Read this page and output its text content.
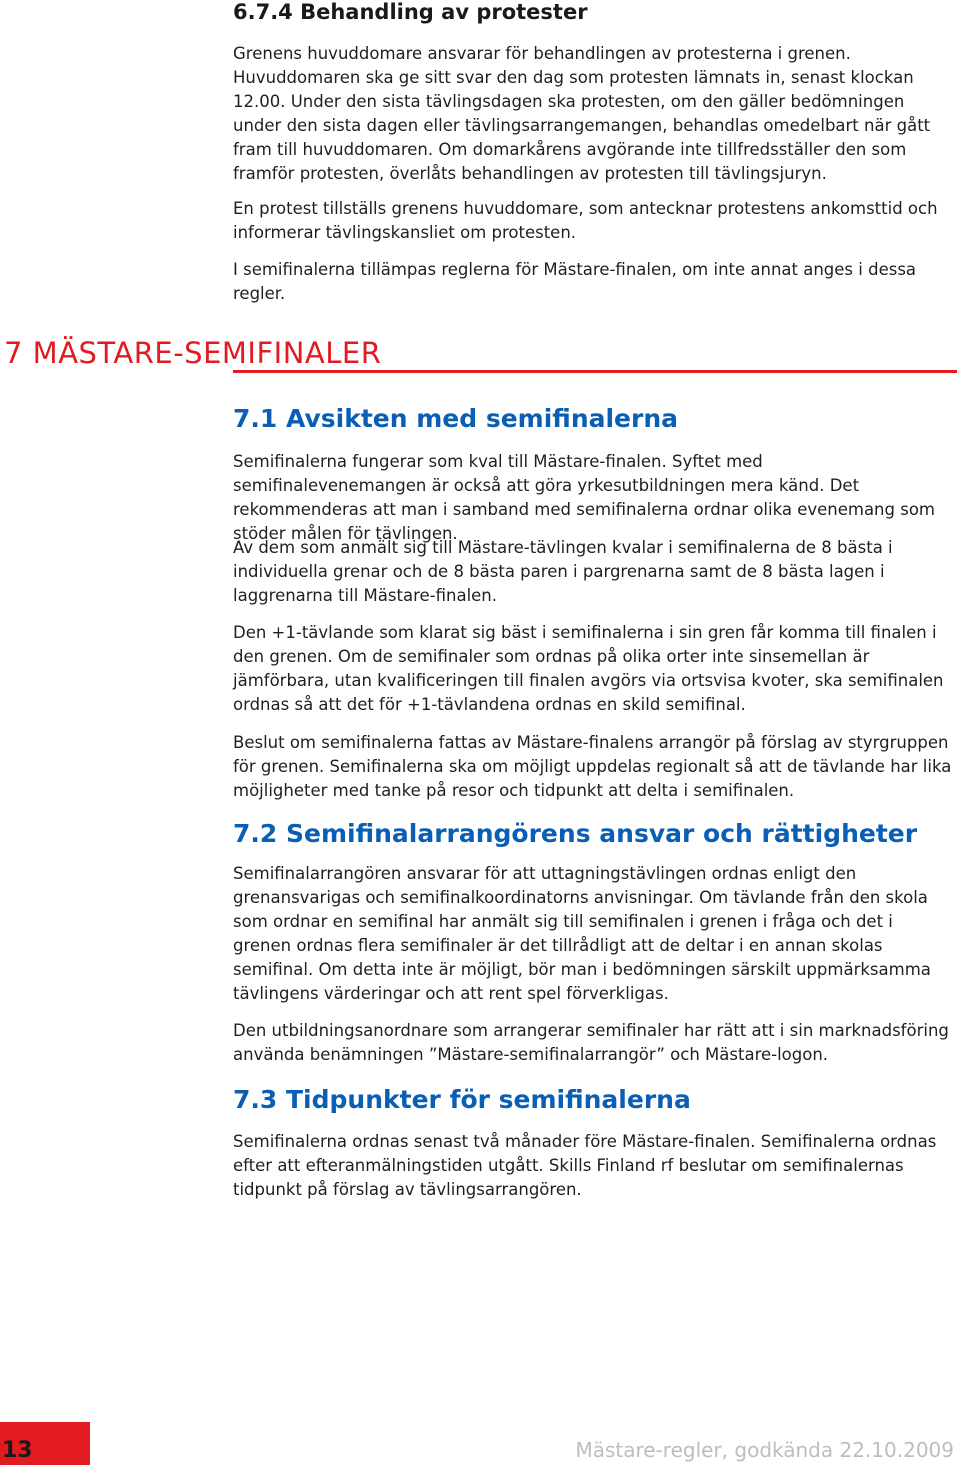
6.7.4 Behandling av protester

Grenens huvuddomare ansvarar för behandlingen av protesterna i grenen. Huvuddomaren ska ge sitt svar den dag som protesten lämnats in, senast klockan 12.00. Under den sista tävlingsdagen ska protesten, om den gäller bedömningen under den sista dagen eller tävlingsarrangemangen, behandlas omedelbart när gått fram till huvuddomaren. Om domarkårens avgörande inte tillfredsställer den som framför protesten, överlåts behandlingen av protesten till tävlingsjuryn.

En protest tillställs grenens huvuddomare, som antecknar protestens ankomsttid och informerar tävlingskansliet om protesten.

I semifinalerna tillämpas reglerna för Mästare-finalen, om inte annat anges i dessa regler.

7 MÄSTARE-SEMIFINALER
7.1 Avsikten med semifinalerna

Semifinalerna fungerar som kval till Mästare-finalen. Syftet med semifinalevenemangen är också att göra yrkesutbildningen mera känd. Det rekommenderas att man i samband med semifinalerna ordnar olika evenemang som stöder målen för tävlingen.

Av dem som anmält sig till Mästare-tävlingen kvalar i semifinalerna de 8 bästa i individuella grenar och de 8 bästa paren i pargrenarna samt de 8 bästa lagen i laggrenarna till Mästare-finalen.

Den +1-tävlande som klarat sig bäst i semifinalerna i sin gren får komma till finalen i den grenen. Om de semifinaler som ordnas på olika orter inte sinsemellan är jämförbara, utan kvalificeringen till finalen avgörs via ortsvisa kvoter, ska semifinalen ordnas så att det för +1-tävlandena ordnas en skild semifinal.

Beslut om semifinalerna fattas av Mästare-finalens arrangör på förslag av styrgruppen för grenen. Semifinalerna ska om möjligt uppdelas regionalt så att de tävlande har lika möjligheter med tanke på resor och tidpunkt att delta i semifinalen.

7.2 Semifinalarrangörens ansvar och rättigheter

Semifinalarrangören ansvarar för att uttagningstävlingen ordnas enligt den grenansvarigas och semifinalkoordinatorns anvisningar. Om tävlande från den skola som ordnar en semifinal har anmält sig till semifinalen i grenen i fråga och det i grenen ordnas flera semifinaler är det tillrådligt att de deltar i en annan skolas semifinal. Om detta inte är möjligt, bör man i bedömningen särskilt uppmärksamma tävlingens värderingar och att rent spel förverkligas.

Den utbildningsanordnare som arrangerar semifinaler har rätt att i sin marknadsföring använda benämningen ”Mästare-semifinalarrangör” och Mästare-logon.

7.3 Tidpunkter för semifinalerna

Semifinalerna ordnas senast två månader före Mästare-finalen. Semifinalerna ordnas efter att efteranmälningstiden utgått. Skills Finland rf beslutar om semifinalernas tidpunkt på förslag av tävlingsarrangören.

13	Mästare-regler, godkända 22.10.2009
